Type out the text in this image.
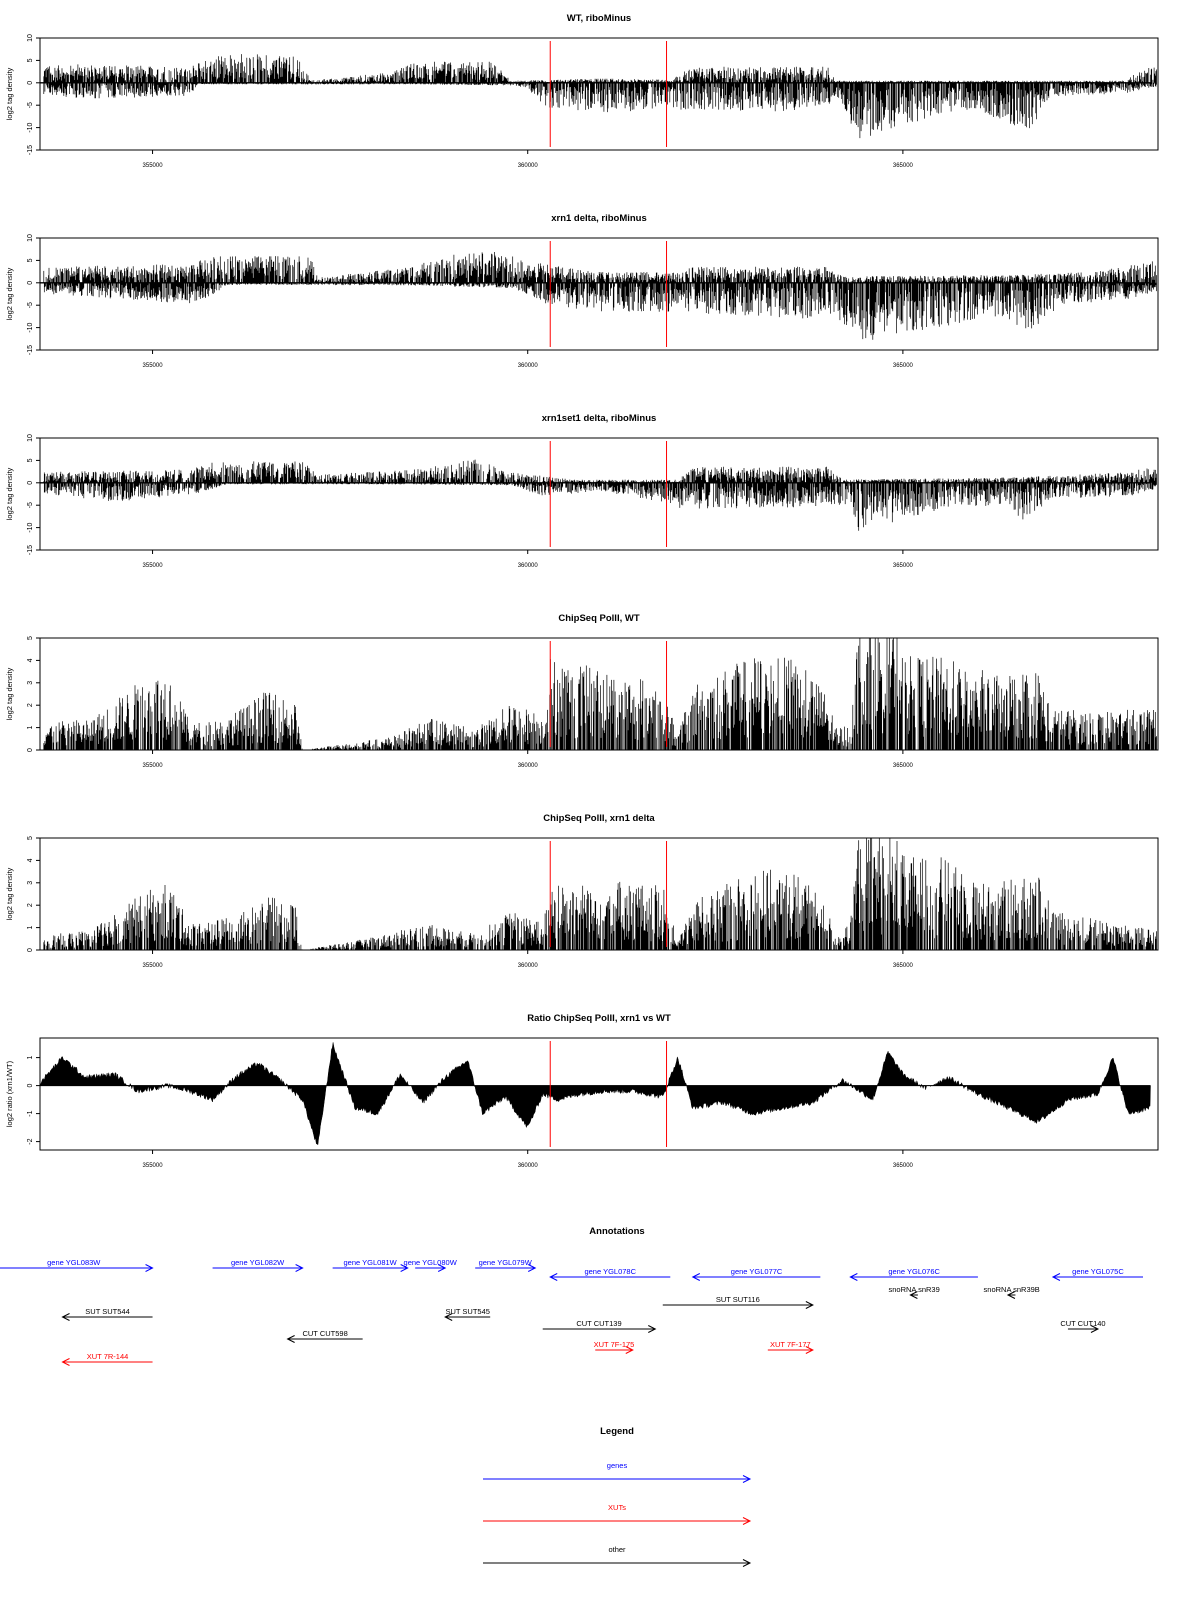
WT, riboMinus
log2 tag density
-15
-10
-5
0
5
10
355000	360000	365000
xrn1 delta, riboMinus
log2 tag density
-15
-10
-5
0
5
10
355000	360000	365000
xrn1set1 delta, riboMinus
log2 tag density
-15
-10
-5
0
5
10
355000	360000	365000
ChipSeq PolII, WT
log2 tag density
0
1
2
3
4
5
355000	360000	365000
ChipSeq PolII, xrn1 delta
log2 tag density
0
1
2
3
4
5
355000	360000	365000
Ratio ChipSeq PolII, xrn1 vs WT
log2 ratio (xrn1/WT)
-2
-1
0
1
355000	360000	365000
Annotations
gene YGL083W	gene YGL082W	gene YGL081W gene YGL080W	gene YGL079W
gene YGL078C	gene YGL077C	gene YGL076C	gene YGL075C
snoRNA snR39	snoRNA snR39B
SUT SUT116
SUT SUT544	SUT SUT545
CUT CUT139	CUT CUT140
CUT CUT598
XUT 7F-175	XUT 7F-177
XUT 7R-144
Legend
genes
XUTs
other
